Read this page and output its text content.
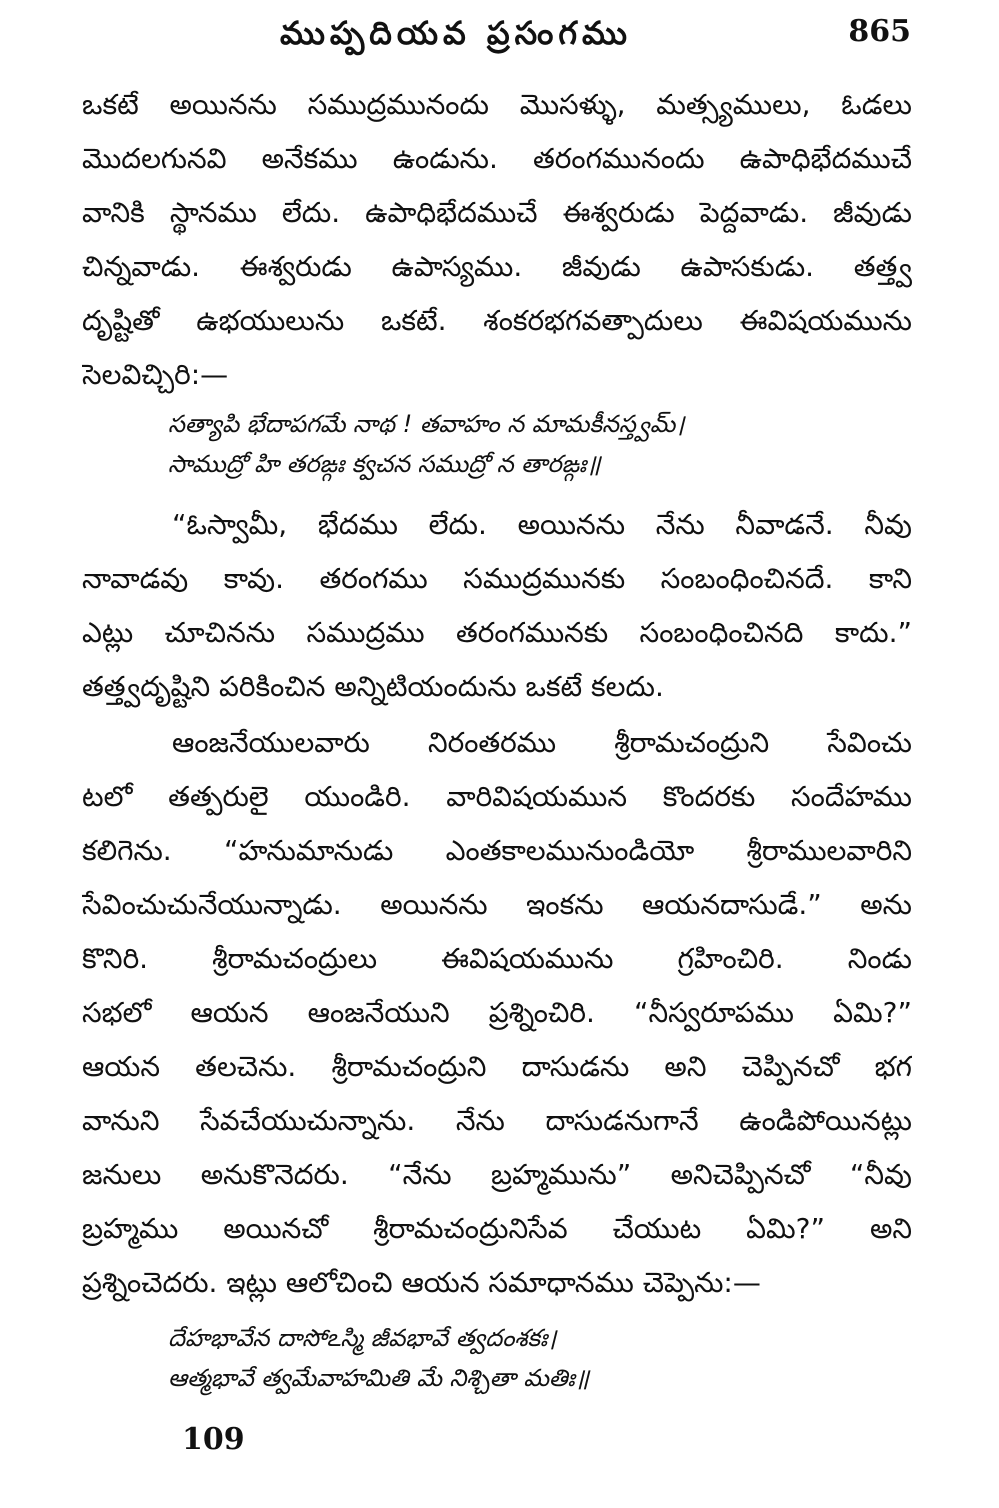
ముప్పదియవ ప్రసంగము	865
ఒకటే అయినను సముద్రమునందు మొసళ్ళు, మత్స్యములు, ఓడలు
మొదలగునవి అనేకము ఉండును. తరంగమునందు ఉపాధిభేదముచే
వానికి స్థానము లేదు. ఉపాధిభేదముచే ఈశ్వరుడు పెద్దవాడు. జీవుడు
చిన్నవాడు. ఈశ్వరుడు ఉపాస్యము. జీవుడు ఉపాసకుడు. తత్త్వ
దృష్టితో ఉభయులును ఒకటే. శంకరభగవత్పాదులు ఈవిషయమును
సెలవిచ్చిరి:—
సత్యాపి భేదాపగమే నాథ ! తవాహం న మామకీనస్త్వమ్।
సాముద్రో హి తరఙ్గః క్వచన సముద్రో న తారఙ్గః॥
“ఓస్వామీ, భేదము లేదు. అయినను నేను నీవాడనే. నీవు
నావాడవు కావు. తరంగము సముద్రమునకు సంబంధించినదే. కాని
ఎట్లు చూచినను సముద్రము తరంగమునకు సంబంధించినది కాదు.”
తత్త్వదృష్టిని పరికించిన అన్నిటియందును ఒకటే కలదు.
ఆంజనేయులవారు నిరంతరము శ్రీరామచంద్రుని సేవించు
టలో తత్పరులై యుండిరి. వారివిషయమున కొందరకు సందేహము
కలిగెను. “హనుమానుడు ఎంతకాలమునుండియో శ్రీరాములవారిని
సేవించుచునేయున్నాడు. అయినను ఇంకను ఆయనదాసుడే.” అను
కొనిరి. శ్రీరామచంద్రులు ఈవిషయమును గ్రహించిరి. నిండు
సభలో ఆయన ఆంజనేయుని ప్రశ్నించిరి. “నీస్వరూపము ఏమి?”
ఆయన తలచెను. శ్రీరామచంద్రుని దాసుడను అని చెప్పినచో భగ
వానుని సేవచేయుచున్నాను. నేను దాసుడనుగానే ఉండిపోయినట్లు
జనులు అనుకొనెదరు. “నేను బ్రహ్మమును” అనిచెప్పినచో “నీవు
బ్రహ్మము అయినచో శ్రీరామచంద్రునిసేవ చేయుట ఏమి?” అని
ప్రశ్నించెదరు. ఇట్లు ఆలోచించి ఆయన సమాధానము చెప్పెను:—
దేహభావేన దాసోఽస్మి జీవభావే త్వదంశకః।
ఆత్మభావే త్వమేవాహమితి మే నిశ్చితా మతిః॥
109
